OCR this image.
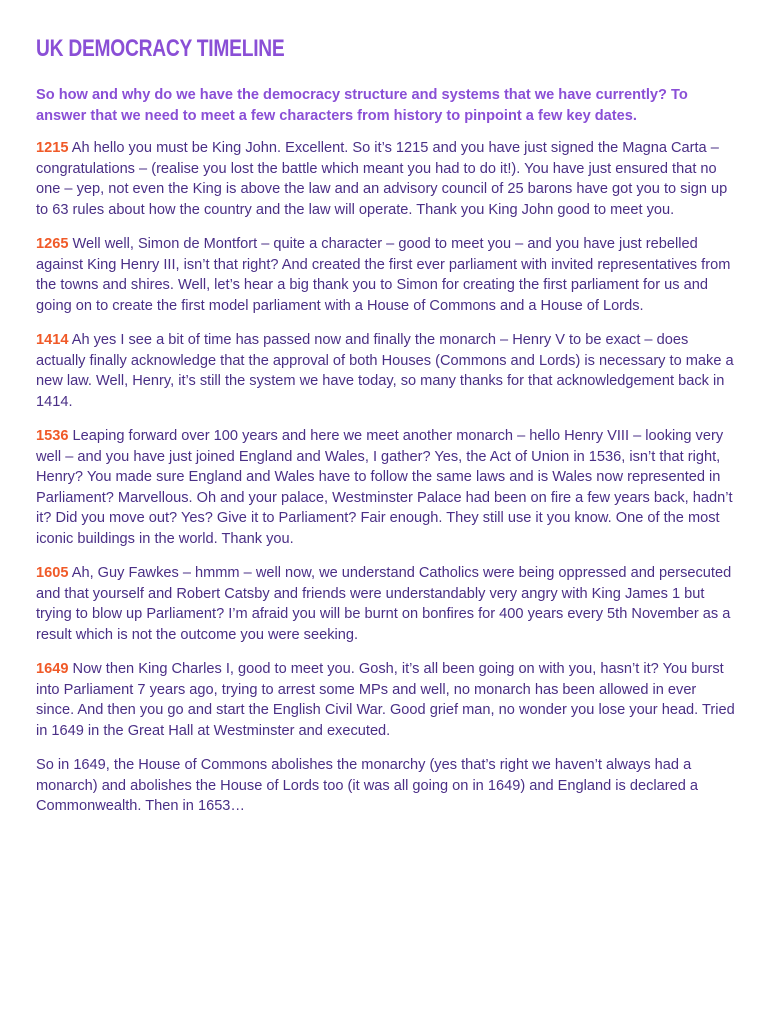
UK DEMOCRACY TIMELINE

So how and why do we have the democracy structure and systems that we have currently? To answer that we need to meet a few characters from history to pinpoint a few key dates.

1215 Ah hello you must be King John. Excellent. So it’s 1215 and you have just signed the Magna Carta – congratulations – (realise you lost the battle which meant you had to do it!). You have just ensured that no one – yep, not even the King is above the law and an advisory council of 25 barons have got you to sign up to 63 rules about how the country and the law will operate. Thank you King John good to meet you.

1265 Well well, Simon de Montfort – quite a character – good to meet you – and you have just rebelled against King Henry III, isn’t that right? And created the first ever parliament with invited representatives from the towns and shires. Well, let’s hear a big thank you to Simon for creating the first parliament for us and going on to create the first model parliament with a House of Commons and a House of Lords.

1414 Ah yes I see a bit of time has passed now and finally the monarch – Henry V to be exact – does actually finally acknowledge that the approval of both Houses (Commons and Lords) is necessary to make a new law. Well, Henry, it’s still the system we have today, so many thanks for that acknowledgement back in 1414.

1536 Leaping forward over 100 years and here we meet another monarch – hello Henry VIII – looking very well – and you have just joined England and Wales, I gather? Yes, the Act of Union in 1536, isn’t that right, Henry? You made sure England and Wales have to follow the same laws and is Wales now represented in Parliament? Marvellous. Oh and your palace, Westminster Palace had been on fire a few years back, hadn’t it? Did you move out? Yes? Give it to Parliament? Fair enough. They still use it you know. One of the most iconic buildings in the world. Thank you.

1605 Ah, Guy Fawkes – hmmm – well now, we understand Catholics were being oppressed and persecuted and that yourself and Robert Catsby and friends were understandably very angry with King James 1 but trying to blow up Parliament? I’m afraid you will be burnt on bonfires for 400 years every 5th November as a result which is not the outcome you were seeking.

1649 Now then King Charles I, good to meet you. Gosh, it’s all been going on with you, hasn’t it? You burst into Parliament 7 years ago, trying to arrest some MPs and well, no monarch has been allowed in ever since. And then you go and start the English Civil War. Good grief man, no wonder you lose your head. Tried in 1649 in the Great Hall at Westminster and executed.

So in 1649, the House of Commons abolishes the monarchy (yes that’s right we haven’t always had a monarch) and abolishes the House of Lords too (it was all going on in 1649) and England is declared a Commonwealth. Then in 1653…
